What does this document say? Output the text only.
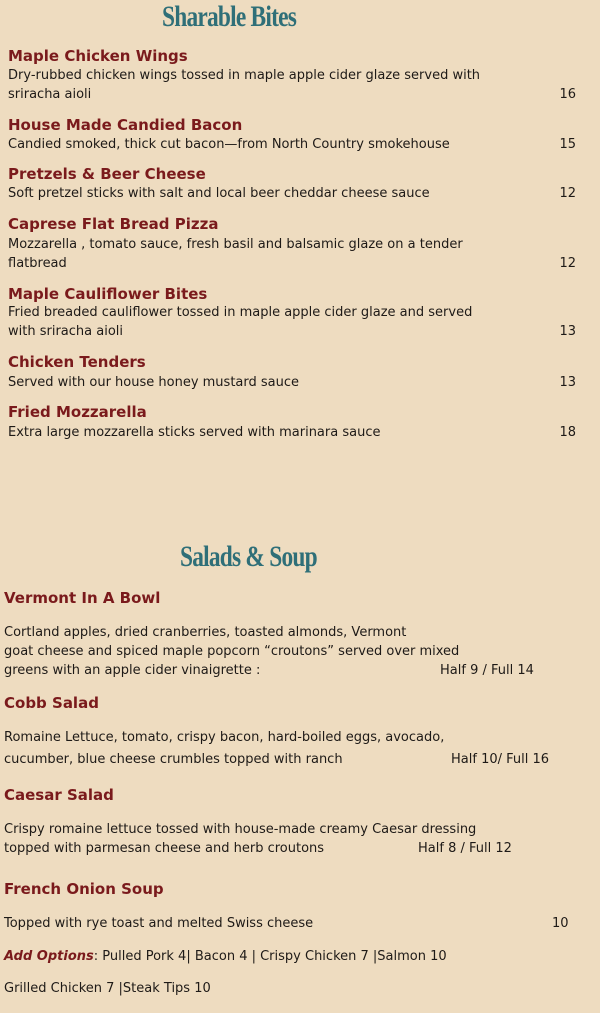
Sharable Bites
Maple Chicken Wings
Dry-rubbed chicken wings tossed in maple apple cider glaze served with
sriracha aioli	16
House Made Candied Bacon
Candied smoked, thick cut bacon—from North Country smokehouse	15
Pretzels & Beer Cheese
Soft pretzel sticks with salt and local beer cheddar cheese sauce	12
Caprese Flat Bread Pizza
Mozzarella , tomato sauce, fresh basil and balsamic glaze on a tender
flatbread	12
Maple Cauliflower Bites
Fried breaded cauliflower tossed in maple apple cider glaze and served
with sriracha aioli	13
Chicken Tenders
Served with our house honey mustard sauce	13
Fried Mozzarella
Extra large mozzarella sticks served with marinara sauce	18
Salads & Soup
Vermont In A Bowl
Cortland apples, dried cranberries, toasted almonds, Vermont
goat cheese and spiced maple popcorn “croutons” served over mixed
greens with an apple cider vinaigrette :	Half 9 / Full 14
Cobb Salad
Romaine Lettuce, tomato, crispy bacon, hard-boiled eggs, avocado,
cucumber, blue cheese crumbles topped with ranch	Half 10/ Full 16
Caesar Salad
Crispy romaine lettuce tossed with house-made creamy Caesar dressing
topped with parmesan cheese and herb croutons	Half 8 / Full 12
French Onion Soup
Topped with rye toast and melted Swiss cheese	10
Add Options: Pulled Pork 4| Bacon 4 | Crispy Chicken 7 |Salmon 10
Grilled Chicken 7 |Steak Tips 10
